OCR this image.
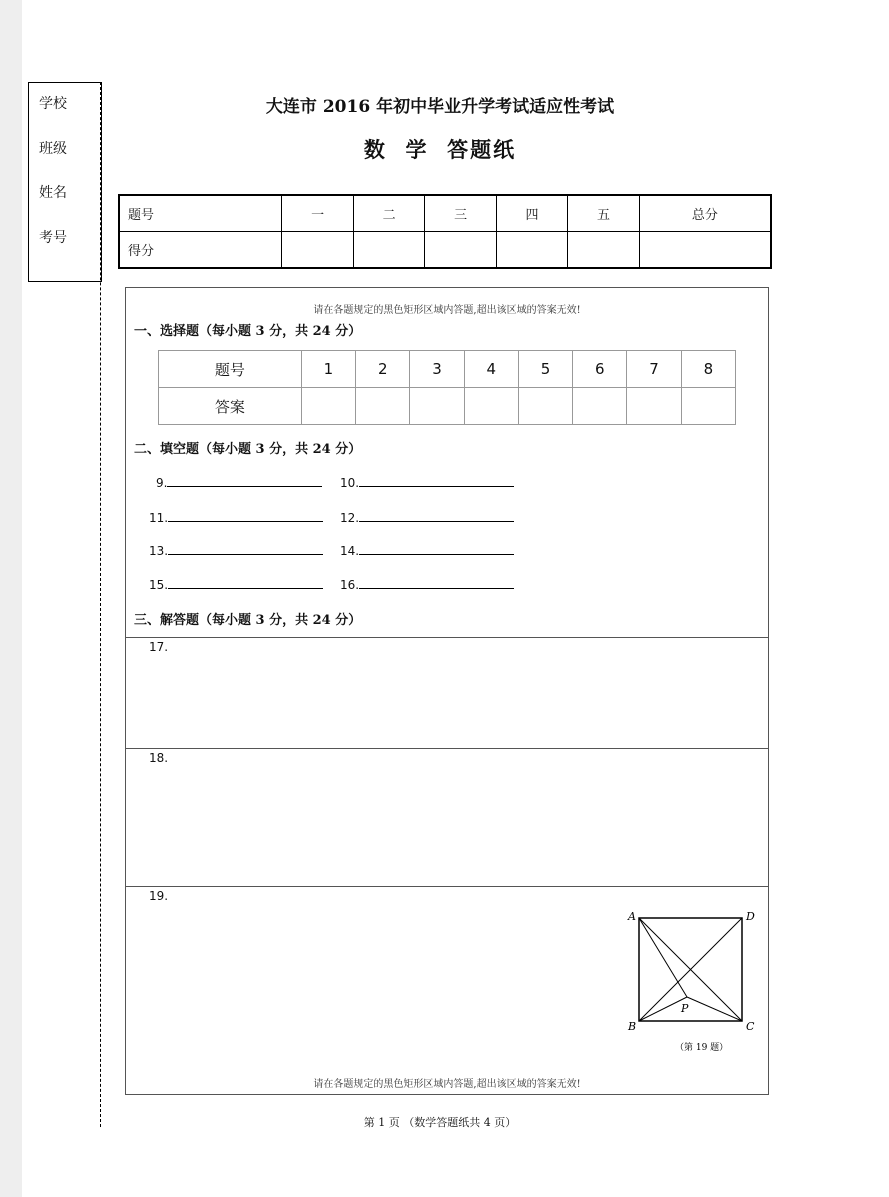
学校
班级
姓名
考号
大连市 2016 年初中毕业升学考试适应性考试
数  学  答题纸
题号	一	二	三	四	五	总分
得分						
请在各题规定的黑色矩形区域内答题,超出该区域的答案无效!
一、选择题（每小题 3 分，共 24 分）
题号	1	2	3	4	5	6	7	8
答案								
二、填空题（每小题 3 分，共 24 分）
9.	10.
11.	12.
13.	14.
15.	16.
三、解答题（每小题 3 分，共 24 分）
17.
18.
19.
A	D
B	C
P
（第 19 题）
请在各题规定的黑色矩形区域内答题,超出该区域的答案无效!
第 1 页 （数学答题纸共 4 页）
